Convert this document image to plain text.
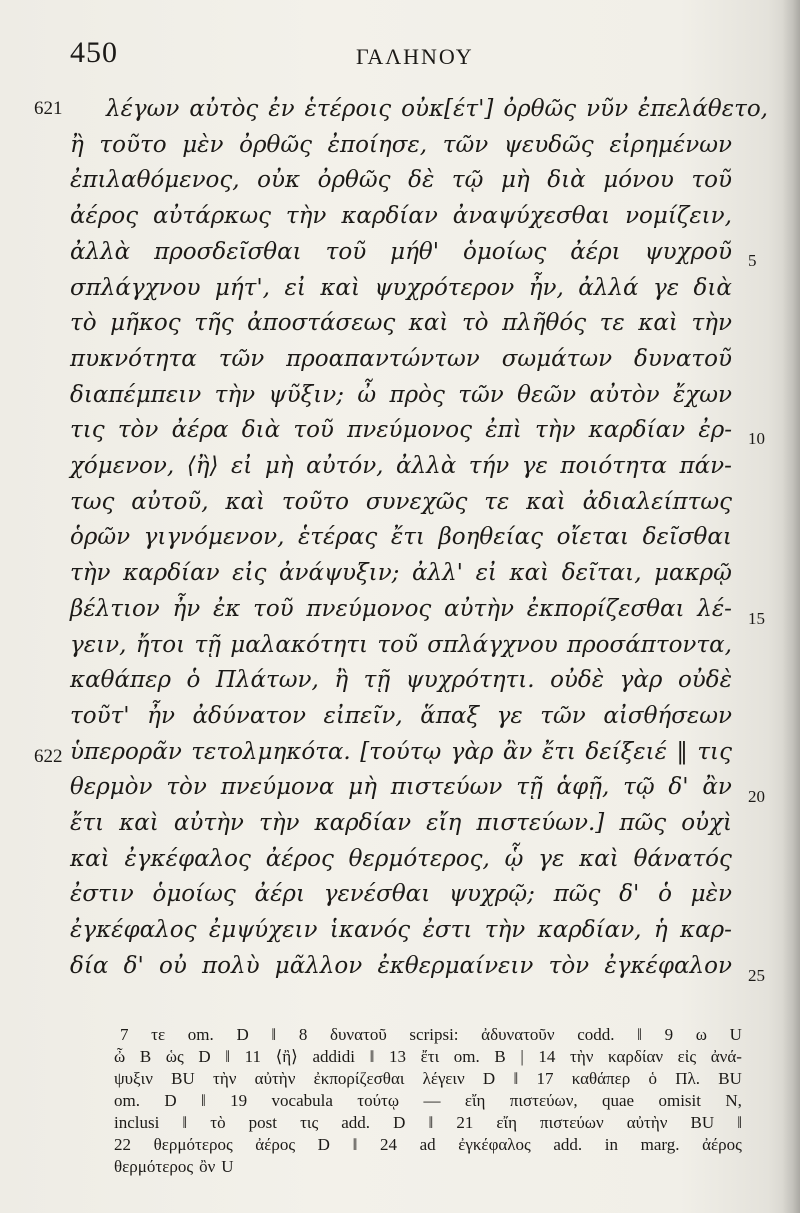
450	ΓΑΛΗΝΟΥ
621
622
5
10
15
20
25
λέγων αὐτὸς ἐν ἑτέροις οὐκ[έτ'] ὀρθῶς νῦν ἐπελάθετο,
ἢ τοῦτο μὲν ὀρθῶς ἐποίησε, τῶν ψευδῶς εἰρημένων
ἐπιλαθόμενος, οὐκ ὀρθῶς δὲ τῷ μὴ διὰ μόνου τοῦ
ἀέρος αὐτάρκως τὴν καρδίαν ἀναψύχεσθαι νομίζειν,
ἀλλὰ προσδεῖσθαι τοῦ μήθ' ὁμοίως ἀέρι ψυχροῦ
σπλάγχνου μήτ', εἰ καὶ ψυχρότερον ἦν, ἀλλά γε διὰ
τὸ μῆκος τῆς ἀποστάσεως καὶ τὸ πλῆθός τε καὶ τὴν
πυκνότητα τῶν προαπαντώντων σωμάτων δυνατοῦ
διαπέμπειν τὴν ψῦξιν; ὦ πρὸς τῶν θεῶν αὐτὸν ἔχων
τις τὸν ἀέρα διὰ τοῦ πνεύμονος ἐπὶ τὴν καρδίαν ἐρ-
χόμενον, ⟨ἢ⟩ εἰ μὴ αὐτόν, ἀλλὰ τήν γε ποιότητα πάν-
τως αὐτοῦ, καὶ τοῦτο συνεχῶς τε καὶ ἀδιαλείπτως
ὁρῶν γιγνόμενον, ἑτέρας ἔτι βοηθείας οἴεται δεῖσθαι
τὴν καρδίαν εἰς ἀνάψυξιν; ἀλλ' εἰ καὶ δεῖται, μακρῷ
βέλτιον ἦν ἐκ τοῦ πνεύμονος αὐτὴν ἐκπορίζεσθαι λέ-
γειν, ἤτοι τῇ μαλακότητι τοῦ σπλάγχνου προσάπτοντα,
καθάπερ ὁ Πλάτων, ἢ τῇ ψυχρότητι. οὐδὲ γὰρ οὐδὲ
τοῦτ' ἦν ἀδύνατον εἰπεῖν, ἅπαξ γε τῶν αἰσθήσεων
ὑπερορᾶν τετολμηκότα. [τούτῳ γὰρ ἂν ἔτι δείξειέ ‖ τις
θερμὸν τὸν πνεύμονα μὴ πιστεύων τῇ ἁφῇ, τῷ δ' ἂν
ἔτι καὶ αὐτὴν τὴν καρδίαν εἴη πιστεύων.] πῶς οὐχὶ
καὶ ἐγκέφαλος ἀέρος θερμότερος, ᾧ γε καὶ θάνατός
ἐστιν ὁμοίως ἀέρι γενέσθαι ψυχρῷ; πῶς δ' ὁ μὲν
ἐγκέφαλος ἐμψύχειν ἱκανός ἐστι τὴν καρδίαν, ἡ καρ-
δία δ' οὐ πολὺ μᾶλλον ἐκθερμαίνειν τὸν ἐγκέφαλον
7 τε om. D ‖ 8 δυνατοῦ scripsi: ἀδυνατοῦν codd. ‖ 9 ω U
ὦ B ὡς D ‖ 11 ⟨ἢ⟩ addidi ‖ 13 ἔτι om. B | 14 τὴν καρδίαν εἰς ἀνά-
ψυξιν BU τὴν αὐτὴν ἐκπορίζεσθαι λέγειν D ‖ 17 καθάπερ ὁ Πλ. BU
om. D ‖ 19 vocabula τούτῳ — εἴη πιστεύων, quae omisit N,
inclusi ‖ τὸ post τις add. D ‖ 21 εἴη πιστεύων αὐτὴν BU ‖
22 θερμότερος ἀέρος D ‖ 24 ad ἐγκέφαλος add. in marg. ἀέρος
θερμότερος ὂν U
